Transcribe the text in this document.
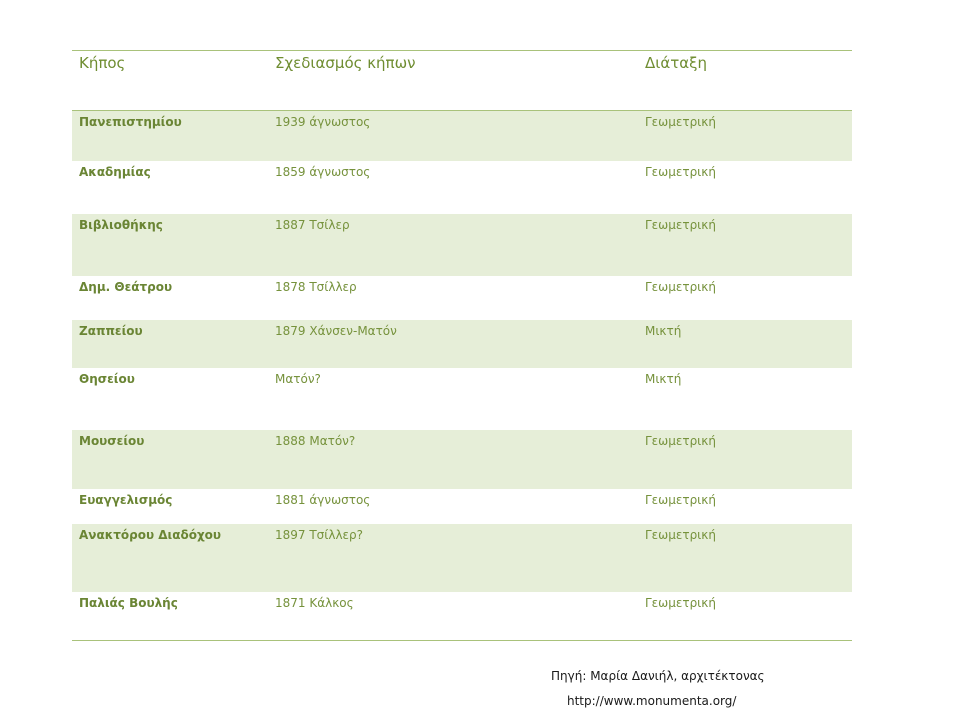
Κήπος	Σχεδιασμός κήπων	Διάταξη
Πανεπιστημίου	1939 άγνωστος	Γεωμετρική
Ακαδημίας	1859 άγνωστος	Γεωμετρική
Βιβλιοθήκης	1887 Τσίλερ	Γεωμετρική
Δημ. Θεάτρου	1878 Τσίλλερ	Γεωμετρική
Ζαππείου	1879 Χάνσεν-Ματόν	Μικτή
Θησείου	Ματόν?	Μικτή
Μουσείου	1888 Ματόν?	Γεωμετρική
Ευαγγελισμός	1881 άγνωστος	Γεωμετρική
Ανακτόρου Διαδόχου	1897 Τσίλλερ?	Γεωμετρική
Παλιάς Βουλής	1871 Κάλκος	Γεωμετρική
Πηγή: Μαρία Δανιήλ, αρχιτέκτονας
http://www.monumenta.org/
